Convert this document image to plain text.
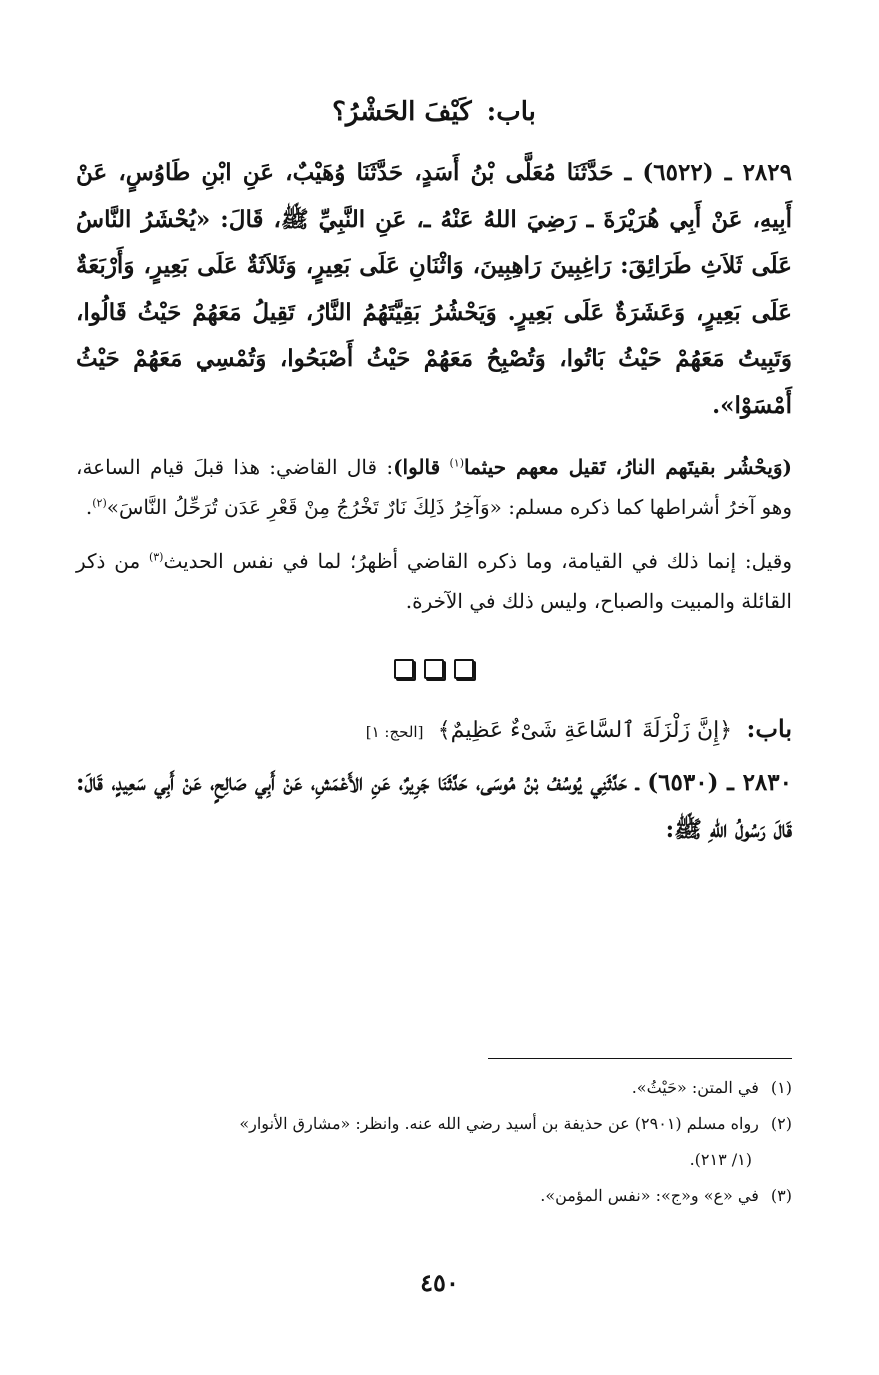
باب: كَيْفَ الحَشْرُ؟

٢٨٢٩ ـ (٦٥٢٢) ـ حَدَّثَنَا مُعَلَّى بْنُ أَسَدٍ، حَدَّثَنَا وُهَيْبٌ، عَنِ ابْنِ طَاوُسٍ، عَنْ أَبِيهِ، عَنْ أَبِي هُرَيْرَةَ ـ رَضِيَ اللهُ عَنْهُ ـ، عَنِ النَّبِيِّ ﷺ، قَالَ: «يُحْشَرُ النَّاسُ عَلَى ثَلاَثِ طَرَائِقَ: رَاغِبِينَ رَاهِبِينَ، وَاثْنَانِ عَلَى بَعِيرٍ، وَثَلاَثَةٌ عَلَى بَعِيرٍ، وَأَرْبَعَةٌ عَلَى بَعِيرٍ، وَعَشَرَةٌ عَلَى بَعِيرٍ. وَيَحْشُرُ بَقِيَّتَهُمُ النَّارُ، تَقِيلُ مَعَهُمْ حَيْثُ قَالُوا، وَتَبِيتُ مَعَهُمْ حَيْثُ بَاتُوا، وَتُصْبِحُ مَعَهُمْ حَيْثُ أَصْبَحُوا، وَتُمْسِي مَعَهُمْ حَيْثُ أَمْسَوْا».

(وَيحْشُر بقيتَهم النارُ، تَقيل معهم حيثما$^{(١)}$ قالوا): قال القاضي: هذا قبلَ قيام الساعة، وهو آخرُ أشراطها كما ذكره مسلم: «وَآخِرُ ذَلِكَ نَارٌ تَخْرُجُ مِنْ قَعْرِ عَدَن تُرَحِّلُ النَّاسَ»$^{(٢)}$.

وقيل: إنما ذلك في القيامة، وما ذكره القاضي أظهرُ؛ لما في نفس الحديث$^{(٣)}$ من ذكر القائلة والمبيت والصباح، وليس ذلك في الآخرة.

باب: ﴿إِنَّ زَلْزَلَةَ ٱلسَّاعَةِ شَىْءٌ عَظِيمٌ﴾ [الحج: ١]

٢٨٣٠ ـ (٦٥٣٠) ـ حَدَّثَنِي يُوسُفُ بْنُ مُوسَى، حَدَّثَنَا جَرِيرٌ، عَنِ الأَعْمَشِ، عَنْ أَبِي صَالِحٍ، عَنْ أَبِي سَعِيدٍ، قَالَ: قَالَ رَسُولُ اللهِ ﷺ:

(١)في المتن: «حَيْثُ».

(٢)رواه مسلم (٢٩٠١) عن حذيفة بن أسيد رضي الله عنه. وانظر: «مشارق الأنوار»

(١/ ٢١٣).

(٣)في «ع» و«ج»: «نفس المؤمن».

٤٥٠
